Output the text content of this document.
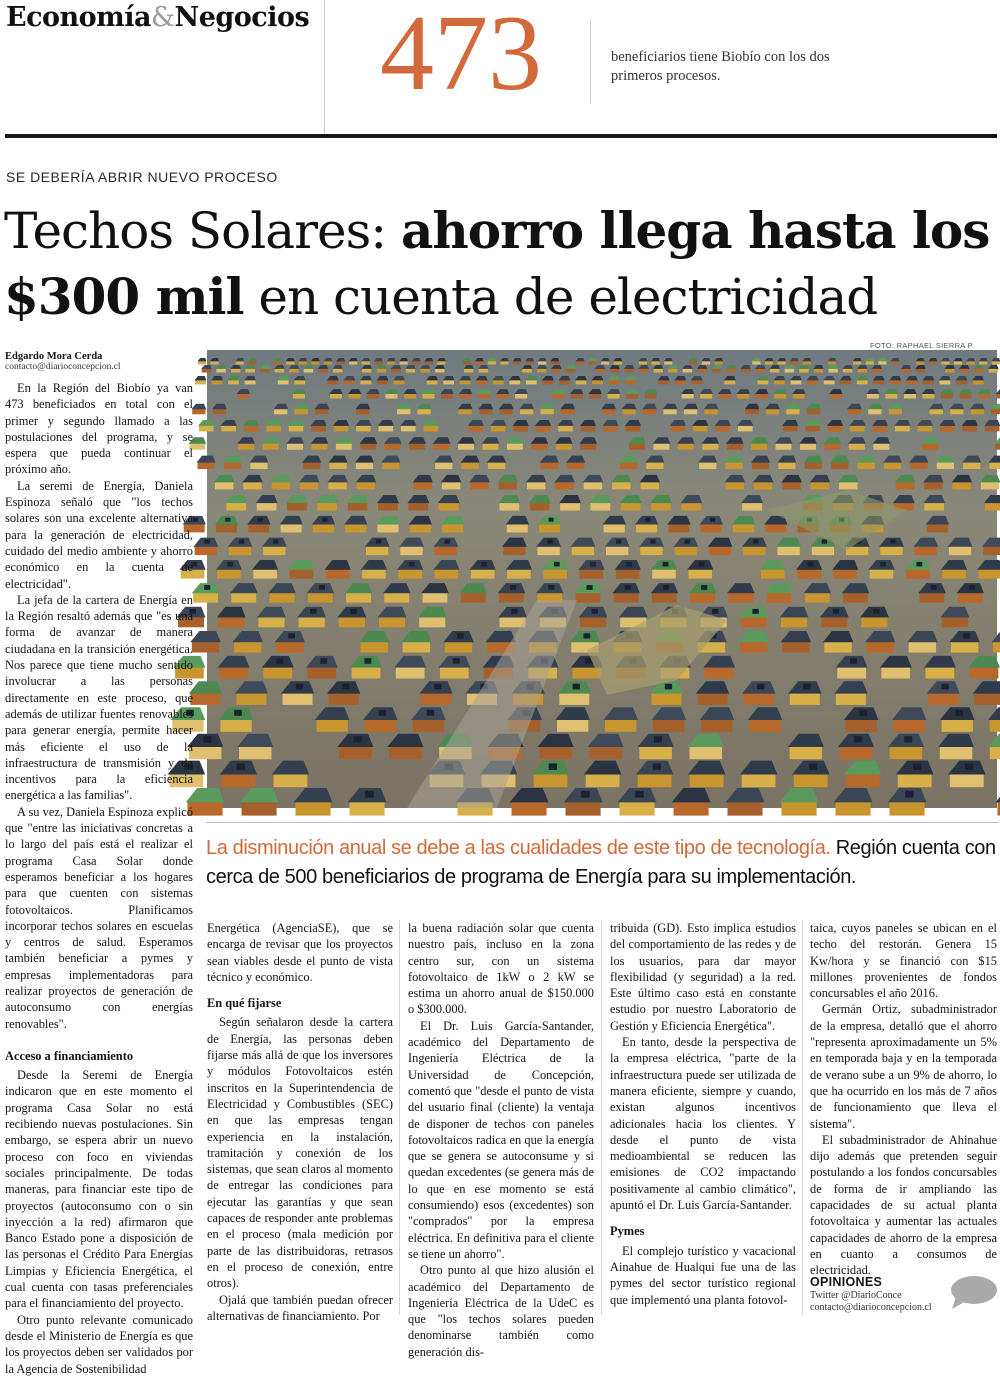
Economía&Negocios 473	beneficiarios tiene Biobío con los dos primeros procesos.
SE DEBERÍA ABRIR NUEVO PROCESO
Techos Solares: ahorro llega hasta los
$300 mil en cuenta de electricidad
Edgardo Mora Cerda
contacto@diarioconcepcion.cl
FOTO: RAPHAEL SIERRA P.
La disminución anual se debe a las cualidades de este tipo de tecnología. Región cuenta con cerca de 500 beneficiarios de programa de Energía para su implementación.

En la Región del Biobío ya van 473 beneficiados en total con el primer y segundo llamado a las postulaciones del programa, y se espera que pueda continuar el próximo año.

La seremi de Energía, Daniela Espinoza señaló que "los techos solares son una excelente alternativa para la generación de electricidad, cuidado del medio ambiente y ahorro económico en la cuenta de electricidad".

La jefa de la cartera de Energía en la Región resaltó además que "es una forma de avanzar de manera ciudadana en la transición energética. Nos parece que tiene mucho sentido involucrar a las personas directamente en este proceso, que además de utilizar fuentes renovables para generar energía, permite hacer más eficiente el uso de la infraestructura de transmisión y da incentivos para la eficiencia energética a las familias".

A su vez, Daniela Espinoza explicó que "entre las iniciativas concretas a lo largo del país está el realizar el programa Casa Solar donde esperamos beneficiar a los hogares para que cuenten con sistemas fotovoltaicos. Planificamos incorporar techos solares en escuelas y centros de salud. Esperamos también beneficiar a pymes y empresas implementadoras para realizar proyectos de generación de autoconsumo con energías renovables".

Acceso a financiamiento

Desde la Seremi de Energía indicaron que en este momento el programa Casa Solar no está recibiendo nuevas postulaciones. Sin embargo, se espera abrir un nuevo proceso con foco en viviendas sociales principalmente. De todas maneras, para financiar este tipo de proyectos (autoconsumo con o sin inyección a la red) afirmaron que Banco Estado pone a disposición de las personas el Crédito Para Energías Limpias y Eficiencia Energética, el cual cuenta con tasas preferenciales para el financiamiento del proyecto.

Otro punto relevante comunicado desde el Ministerio de Energía es que los proyectos deben ser validados por la Agencia de Sostenibilidad

Energética (AgenciaSE), que se encarga de revisar que los proyectos sean viables desde el punto de vista técnico y económico.

En qué fijarse

Según señalaron desde la cartera de Energía, las personas deben fijarse más allá de que los inversores y módulos Fotovoltaicos estén inscritos en la Superintendencia de Electricidad y Combustibles (SEC) en que las empresas tengan experiencia en la instalación, tramitación y conexión de los sistemas, que sean claros al momento de entregar las condiciones para ejecutar las garantías y que sean capaces de responder ante problemas en el proceso (mala medición por parte de las distribuidoras, retrasos en el proceso de conexión, entre otros).

Ojalá que también puedan ofrecer alternativas de financiamiento. Por

la buena radiación solar que cuenta nuestro país, incluso en la zona centro sur, con un sistema fotovoltaico de 1kW o 2 kW se estima un ahorro anual de $150.000 o $300.000.

El Dr. Luis García-Santander, académico del Departamento de Ingeniería Eléctrica de la Universidad de Concepción, comentó que "desde el punto de vista del usuario final (cliente) la ventaja de disponer de techos con paneles fotovoltaicos radica en que la energía que se genera se autoconsume y si quedan excedentes (se genera más de lo que en ese momento se está consumiendo) esos (excedentes) son "comprados" por la empresa eléctrica. En definitiva para el cliente se tiene un ahorro".

Otro punto al que hizo alusión el académico del Departamento de Ingeniería Eléctrica de la UdeC es que "los techos solares pueden denominarse también como generación dis-

tribuida (GD). Esto implica estudios del comportamiento de las redes y de los usuarios, para dar mayor flexibilidad (y seguridad) a la red. Este último caso está en constante estudio por nuestro Laboratorio de Gestión y Eficiencia Energética".

En tanto, desde la perspectiva de la empresa eléctrica, "parte de la infraestructura puede ser utilizada de manera eficiente, siempre y cuando, existan algunos incentivos adicionales hacia los clientes. Y desde el punto de vista medioambiental se reducen las emisiones de CO2 impactando positivamente al cambio climático", apuntó el Dr. Luis García-Santander.

Pymes

El complejo turístico y vacacional Ainahue de Hualqui fue una de las pymes del sector turístico regional que implementó una planta fotovol-

taica, cuyos paneles se ubican en el techo del restorán. Genera 15 Kw/hora y se financió con $15 millones provenientes de fondos concursables el año 2016.

Germán Ortiz, subadministrador de la empresa, detalló que el ahorro "representa aproximadamente un 5% en temporada baja y en la temporada de verano sube a un 9% de ahorro, lo que ha ocurrido en los más de 7 años de funcionamiento que lleva el sistema".

El subadministrador de Ahinahue dijo además que pretenden seguir postulando a los fondos concursables de forma de ir ampliando las capacidades de su actual planta fotovoltaica y aumentar las actuales capacidades de ahorro de la empresa en cuanto a consumos de electricidad.

OPINIONES
Twitter @DiarioConce
contacto@diarioconcepcion.cl
